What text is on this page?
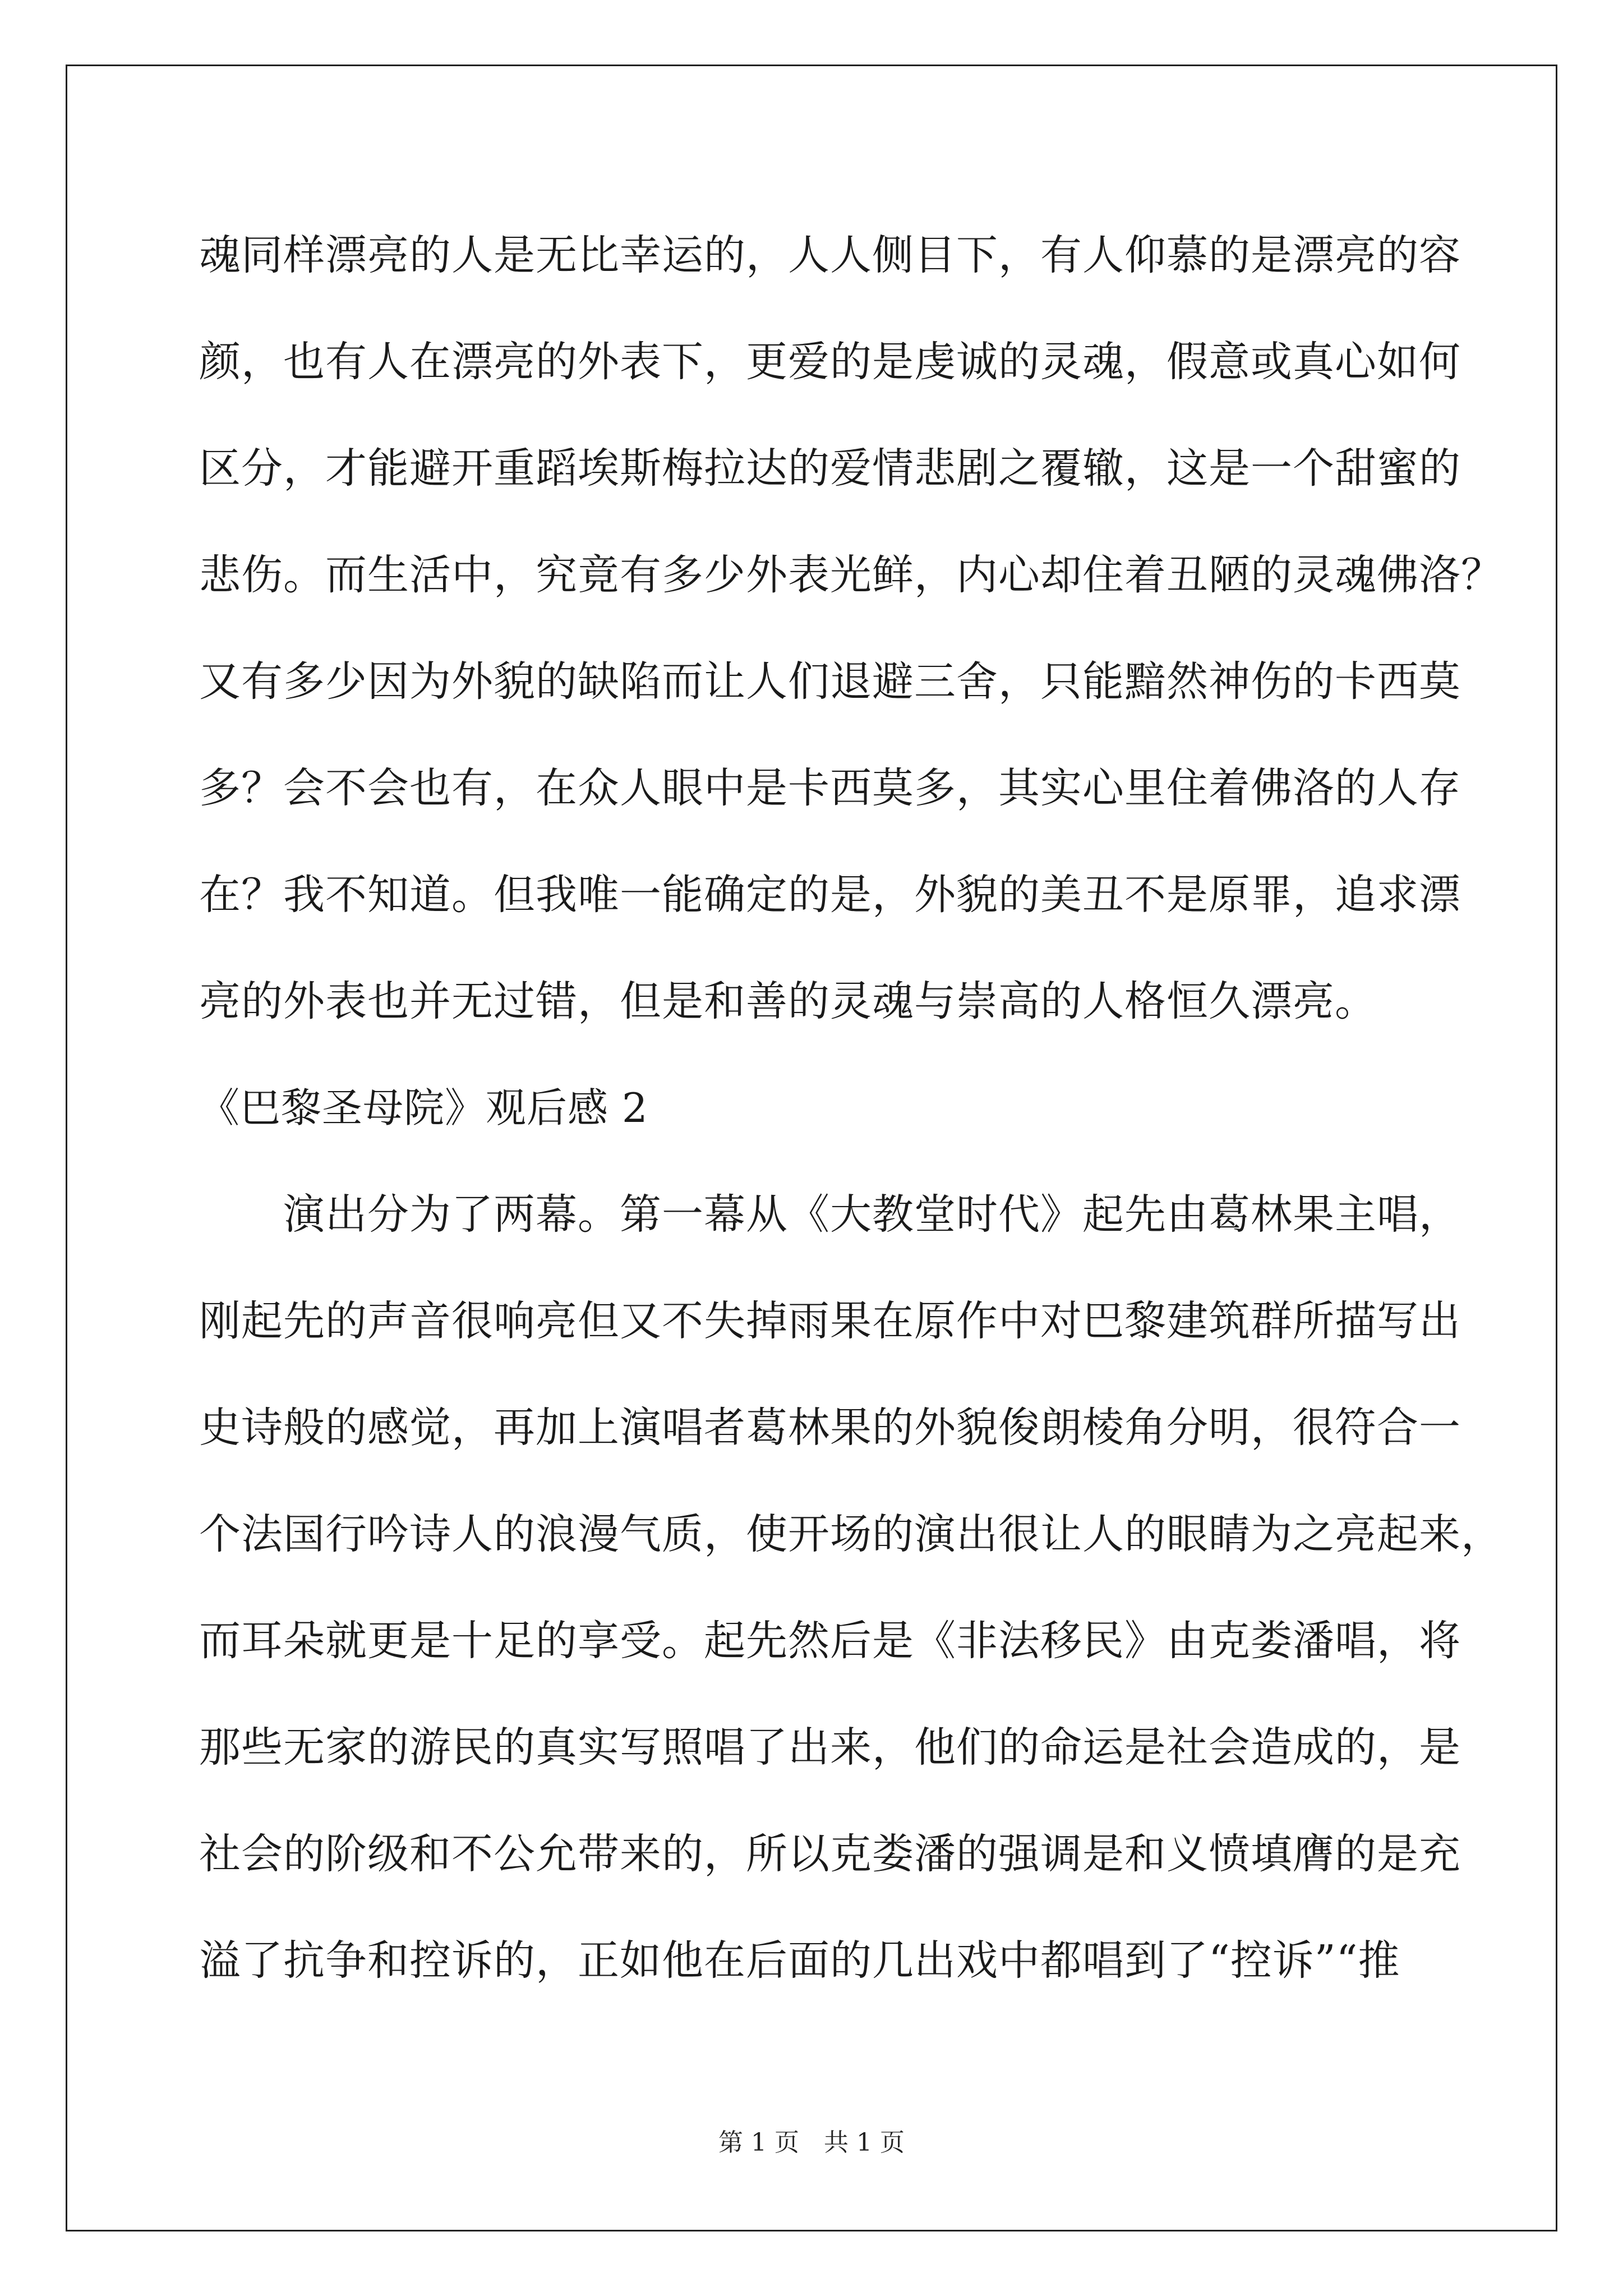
魂同样漂亮的人是无比幸运的，人人侧目下，有人仰慕的是漂亮的容
颜，也有人在漂亮的外表下，更爱的是虔诚的灵魂，假意或真心如何
区分，才能避开重蹈埃斯梅拉达的爱情悲剧之覆辙，这是一个甜蜜的
悲伤。而生活中，究竟有多少外表光鲜，内心却住着丑陋的灵魂佛洛？
又有多少因为外貌的缺陷而让人们退避三舍，只能黯然神伤的卡西莫
多？会不会也有，在众人眼中是卡西莫多，其实心里住着佛洛的人存
在？我不知道。但我唯一能确定的是，外貌的美丑不是原罪，追求漂
亮的外表也并无过错，但是和善的灵魂与崇高的人格恒久漂亮。
《巴黎圣母院》观后感 2
演出分为了两幕。第一幕从《大教堂时代》起先由葛林果主唱，
刚起先的声音很响亮但又不失掉雨果在原作中对巴黎建筑群所描写出
史诗般的感觉，再加上演唱者葛林果的外貌俊朗棱角分明，很符合一
个法国行吟诗人的浪漫气质，使开场的演出很让人的眼睛为之亮起来，
而耳朵就更是十足的享受。起先然后是《非法移民》由克娄潘唱，将
那些无家的游民的真实写照唱了出来，他们的命运是社会造成的，是
社会的阶级和不公允带来的，所以克娄潘的强调是和义愤填膺的是充
溢了抗争和控诉的，正如他在后面的几出戏中都唱到了“控诉”“推
第 1 页　共 1 页
